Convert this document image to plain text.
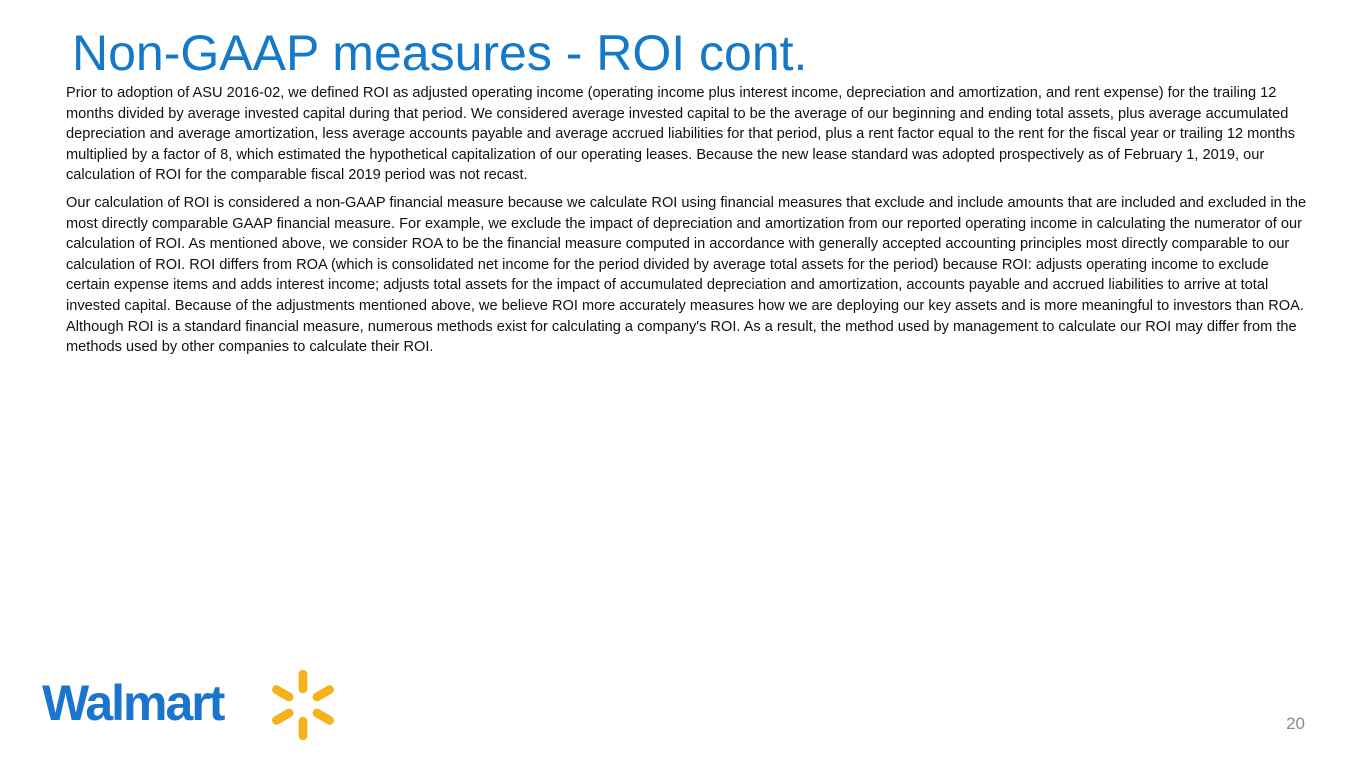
Non-GAAP measures - ROI cont.

Prior to adoption of ASU 2016-02, we defined ROI as adjusted operating income (operating income plus interest income, depreciation and amortization, and rent expense) for the trailing 12 months divided by average invested capital during that period. We considered average invested capital to be the average of our beginning and ending total assets, plus average accumulated depreciation and average amortization, less average accounts payable and average accrued liabilities for that period, plus a rent factor equal to the rent for the fiscal year or trailing 12 months multiplied by a factor of 8, which estimated the hypothetical capitalization of our operating leases. Because the new lease standard was adopted prospectively as of February 1, 2019, our calculation of ROI for the comparable fiscal 2019 period was not recast.

Our calculation of ROI is considered a non-GAAP financial measure because we calculate ROI using financial measures that exclude and include amounts that are included and excluded in the most directly comparable GAAP financial measure. For example, we exclude the impact of depreciation and amortization from our reported operating income in calculating the numerator of our calculation of ROI. As mentioned above, we consider ROA to be the financial measure computed in accordance with generally accepted accounting principles most directly comparable to our calculation of ROI. ROI differs from ROA (which is consolidated net income for the period divided by average total assets for the period) because ROI: adjusts operating income to exclude certain expense items and adds interest income; adjusts total assets for the impact of accumulated depreciation and amortization, accounts payable and accrued liabilities to arrive at total invested capital. Because of the adjustments mentioned above, we believe ROI more accurately measures how we are deploying our key assets and is more meaningful to investors than ROA. Although ROI is a standard financial measure, numerous methods exist for calculating a company's ROI. As a result, the method used by management to calculate our ROI may differ from the methods used by other companies to calculate their ROI.

Walmart	20
